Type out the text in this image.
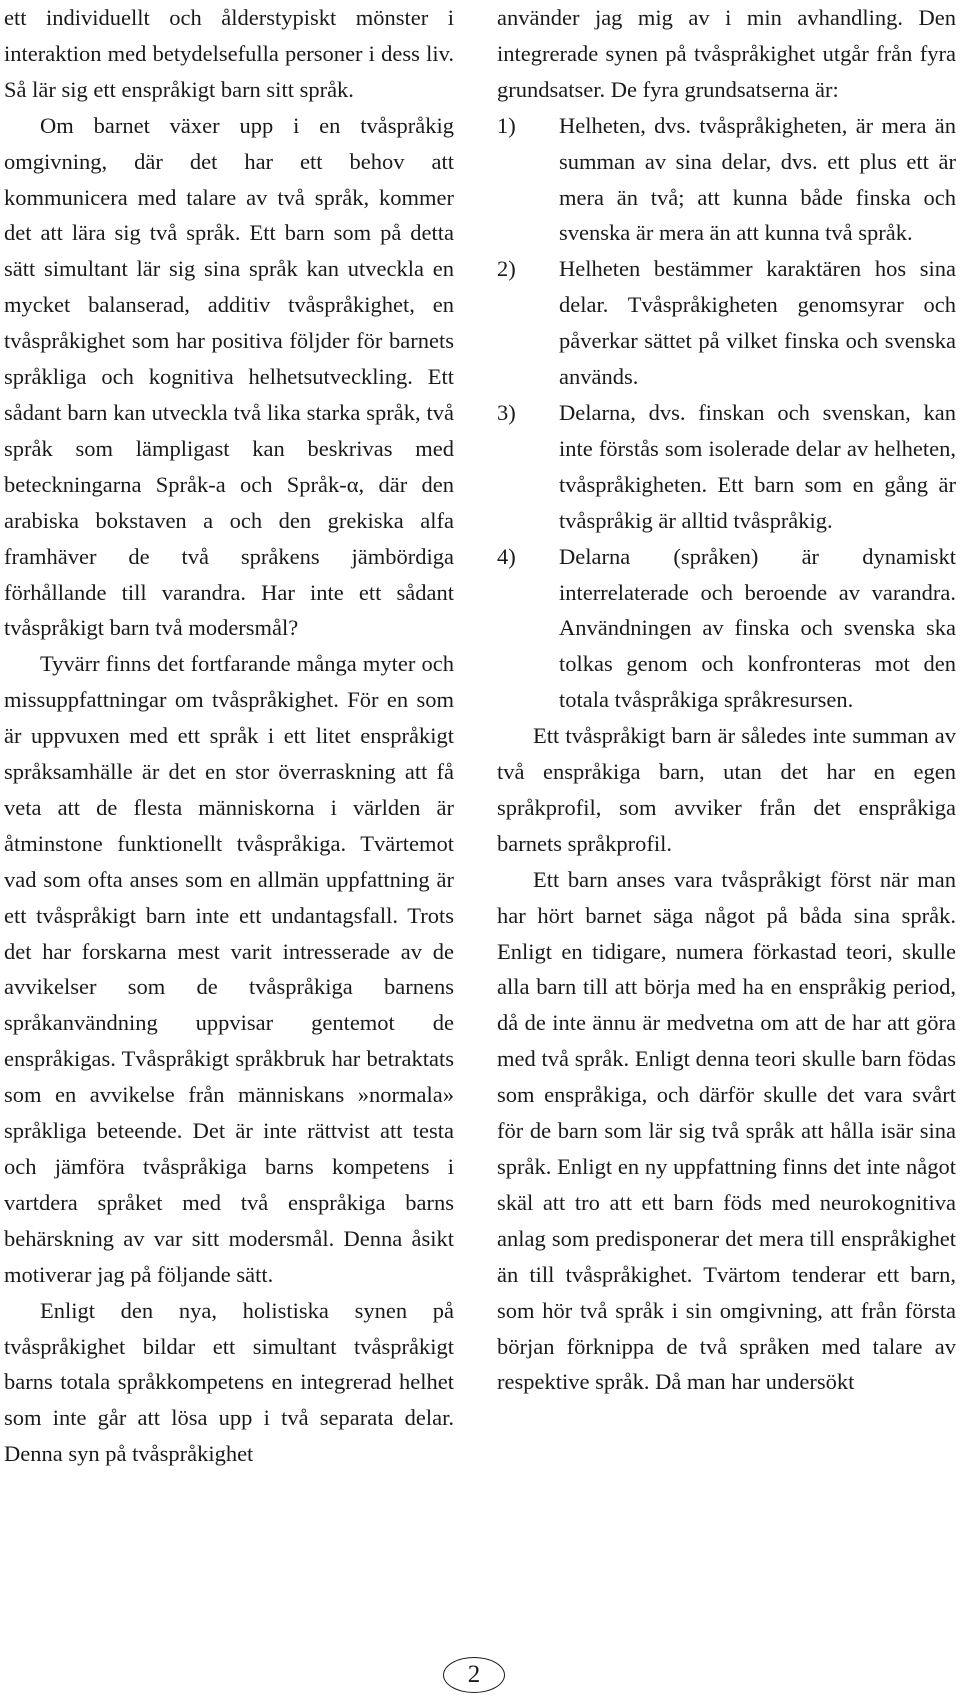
ett individuellt och ålderstypiskt mönster i interaktion med betydelsefulla personer i dess liv. Så lär sig ett enspråkigt barn sitt språk.

Om barnet växer upp i en tvåspråkig omgivning, där det har ett behov att kommunicera med talare av två språk, kommer det att lära sig två språk. Ett barn som på detta sätt simultant lär sig sina språk kan utveckla en mycket balanserad, additiv tvåspråkighet, en tvåspråkighet som har positiva följder för barnets språkliga och kognitiva helhetsutveckling. Ett sådant barn kan utveckla två lika starka språk, två språk som lämpligast kan beskrivas med beteckningarna Språk-a och Språk-α, där den arabiska bokstaven a och den grekiska alfa framhäver de två språkens jämbördiga förhållande till varandra. Har inte ett sådant tvåspråkigt barn två modersmål?

Tyvärr finns det fortfarande många myter och missuppfattningar om tvåspråkighet. För en som är uppvuxen med ett språk i ett litet enspråkigt språksamhälle är det en stor överraskning att få veta att de flesta människorna i världen är åtminstone funktionellt tvåspråkiga. Tvärtemot vad som ofta anses som en allmän uppfattning är ett tvåspråkigt barn inte ett undantagsfall. Trots det har forskarna mest varit intresserade av de avvikelser som de tvåspråkiga barnens språkanvändning uppvisar gentemot de enspråkigas. Tvåspråkigt språkbruk har betraktats som en avvikelse från människans »normala» språkliga beteende. Det är inte rättvist att testa och jämföra tvåspråkiga barns kompetens i vartdera språket med två enspråkiga barns behärskning av var sitt modersmål. Denna åsikt motiverar jag på följande sätt.

Enligt den nya, holistiska synen på tvåspråkighet bildar ett simultant tvåspråkigt barns totala språkkompetens en integrerad helhet som inte går att lösa upp i två separata delar. Denna syn på tvåspråkighet

använder jag mig av i min avhandling. Den integrerade synen på tvåspråkighet utgår från fyra grundsatser. De fyra grundsatserna är:

1)	Helheten, dvs. tvåspråkigheten, är mera än summan av sina delar, dvs. ett plus ett är mera än två; att kunna både finska och svenska är mera än att kunna två språk.
2)	Helheten bestämmer karaktären hos sina delar. Tvåspråkigheten genomsyrar och påverkar sättet på vilket finska och svenska används.
3)	Delarna, dvs. finskan och svenskan, kan inte förstås som isolerade delar av helheten, tvåspråkigheten. Ett barn som en gång är tvåspråkig är alltid tvåspråkig.
4)	Delarna (språken) är dynamiskt interrelaterade och beroende av varandra. Användningen av finska och svenska ska tolkas genom och konfronteras mot den totala tvåspråkiga språkresursen.

Ett tvåspråkigt barn är således inte summan av två enspråkiga barn, utan det har en egen språkprofil, som avviker från det enspråkiga barnets språkprofil.

Ett barn anses vara tvåspråkigt först när man har hört barnet säga något på båda sina språk. Enligt en tidigare, numera förkastad teori, skulle alla barn till att börja med ha en enspråkig period, då de inte ännu är medvetna om att de har att göra med två språk. Enligt denna teori skulle barn födas som enspråkiga, och därför skulle det vara svårt för de barn som lär sig två språk att hålla isär sina språk. Enligt en ny uppfattning finns det inte något skäl att tro att ett barn föds med neurokognitiva anlag som predisponerar det mera till enspråkighet än till tvåspråkighet. Tvärtom tenderar ett barn, som hör två språk i sin omgivning, att från första början förknippa de två språken med talare av respektive språk. Då man har undersökt

2
